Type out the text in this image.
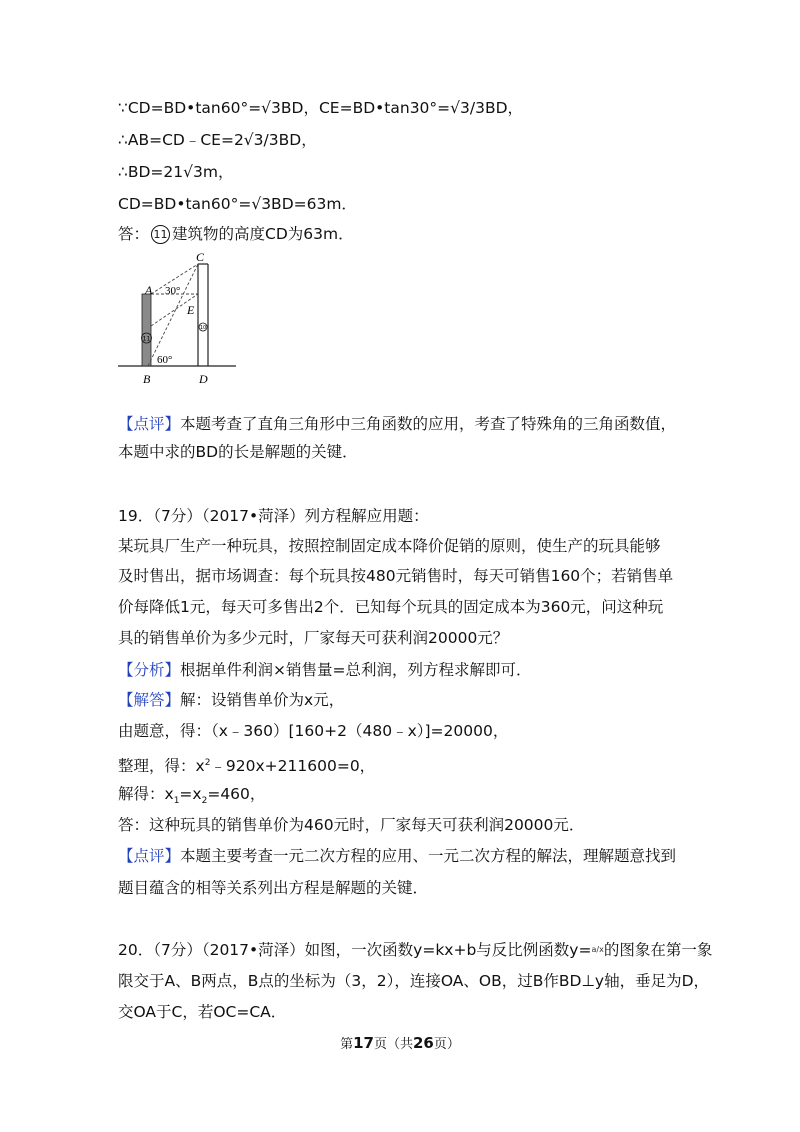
∵CD=BD•tan60°=√3BD，CE=BD•tan30°=√3/3BD，
∴AB=CD﹣CE=2√3/3BD，
∴BD=21√3m，
CD=BD•tan60°=√3BD=63m．
答： 11 建筑物的高度CD为63m．
C
A
E
B	D
30°
60°
11
10
【点评】本题考查了直角三角形中三角函数的应用，考查了特殊角的三角函数值，
本题中求的BD的长是解题的关键．
19．（7分）（2017•菏泽）列方程解应用题：
某玩具厂生产一种玩具，按照控制固定成本降价促销的原则，使生产的玩具能够
及时售出，据市场调查：每个玩具按480元销售时，每天可销售160个；若销售单
价每降低1元，每天可多售出2个．已知每个玩具的固定成本为360元，问这种玩
具的销售单价为多少元时，厂家每天可获利润20000元？
【分析】根据单件利润×销售量=总利润，列方程求解即可．
【解答】解：设销售单价为x元，
由题意，得：（x﹣360）[160+2（480﹣x）]=20000，
整理，得：$x^2﹣920x+211600=0$，
解得：$x_1=x_2=460$，
答：这种玩具的销售单价为460元时，厂家每天可获利润20000元．
【点评】本题主要考查一元二次方程的应用、一元二次方程的解法，理解题意找到
题目蕴含的相等关系列出方程是解题的关键．
20．（7分）（2017•菏泽）如图，一次函数y=kx+b与反比例函数y=a/x的图象在第一象
限交于A、B两点，B点的坐标为（3，2），连接OA、OB，过B作BD⊥y轴，垂足为D，
交OA于C，若OC=CA．
第17页（共26页）
